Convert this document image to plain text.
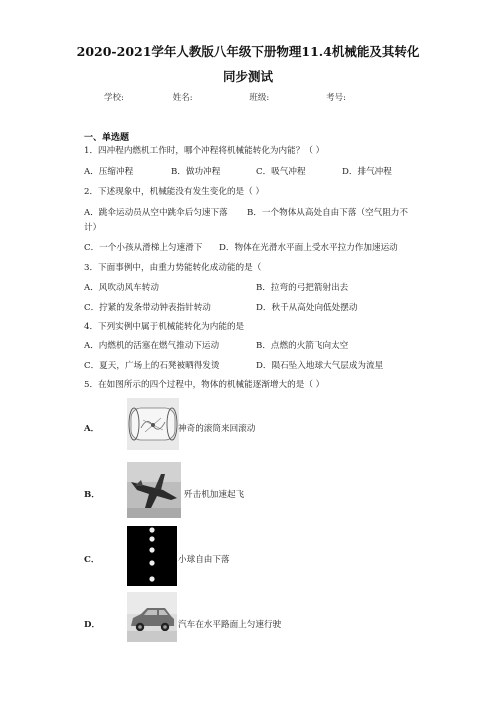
2020-2021学年人教版八年级下册物理11.4机械能及其转化
同步测试
学校:	姓名:	班级:	考号:
一、单选题
1．四冲程内燃机工作时，哪个冲程将机械能转化为内能？（ ）
A．压缩冲程	B．做功冲程	C．吸气冲程	D．排气冲程
2．下述现象中，机械能没有发生变化的是（ ）
A．跳伞运动员从空中跳伞后匀速下落 B．一个物体从高处自由下落（空气阻力不
计）
C．一个小孩从滑梯上匀速滑下 D．物体在光滑水平面上受水平拉力作加速运动
3．下面事例中，由重力势能转化成动能的是（
A．风吹动风车转动	B．拉弯的弓把箭射出去
C．拧紧的发条带动钟表指针转动	D．秋千从高处向低处摆动
4．下列实例中属于机械能转化为内能的是
A．内燃机的活塞在燃气推动下运动	B．点燃的火箭飞向太空
C．夏天，广场上的石凳被晒得发烫	D．陨石坠入地球大气层成为流星
5．在如图所示的四个过程中，物体的机械能逐渐增大的是（ ）
A．	神奇的滚筒来回滚动
B．	歼击机加速起飞
C．	小球自由下落
D．	汽车在水平路面上匀速行驶
